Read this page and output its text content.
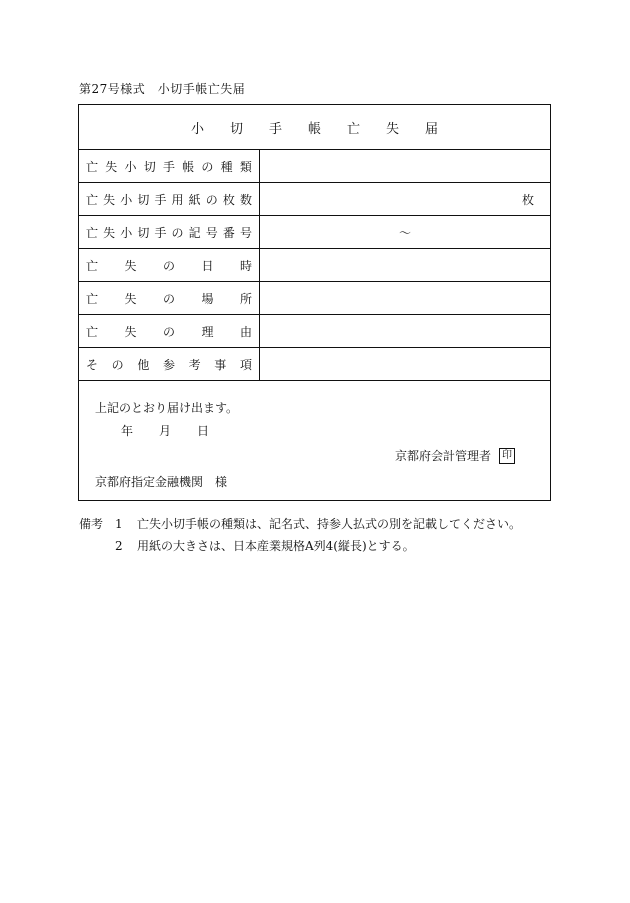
第27号様式　小切手帳亡失届
小切手帳亡失届
亡 失 小 切 手 帳 の 種 類
亡 失 小 切 手 用 紙 の 枚 数	枚
亡 失 小 切 手 の 記 号 番 号	～
亡 失 の 日 時
亡 失 の 場 所
亡 失 の 理 由
そ の 他 参 考 事 項
上記のとおり届け出ます。
年 月 日
京都府会計管理者	印
京都府指定金融機関　様
備考 1	亡失小切手帳の種類は、記名式、持参人払式の別を記載してください。
2	用紙の大きさは、日本産業規格A列4(縦長)とする。
